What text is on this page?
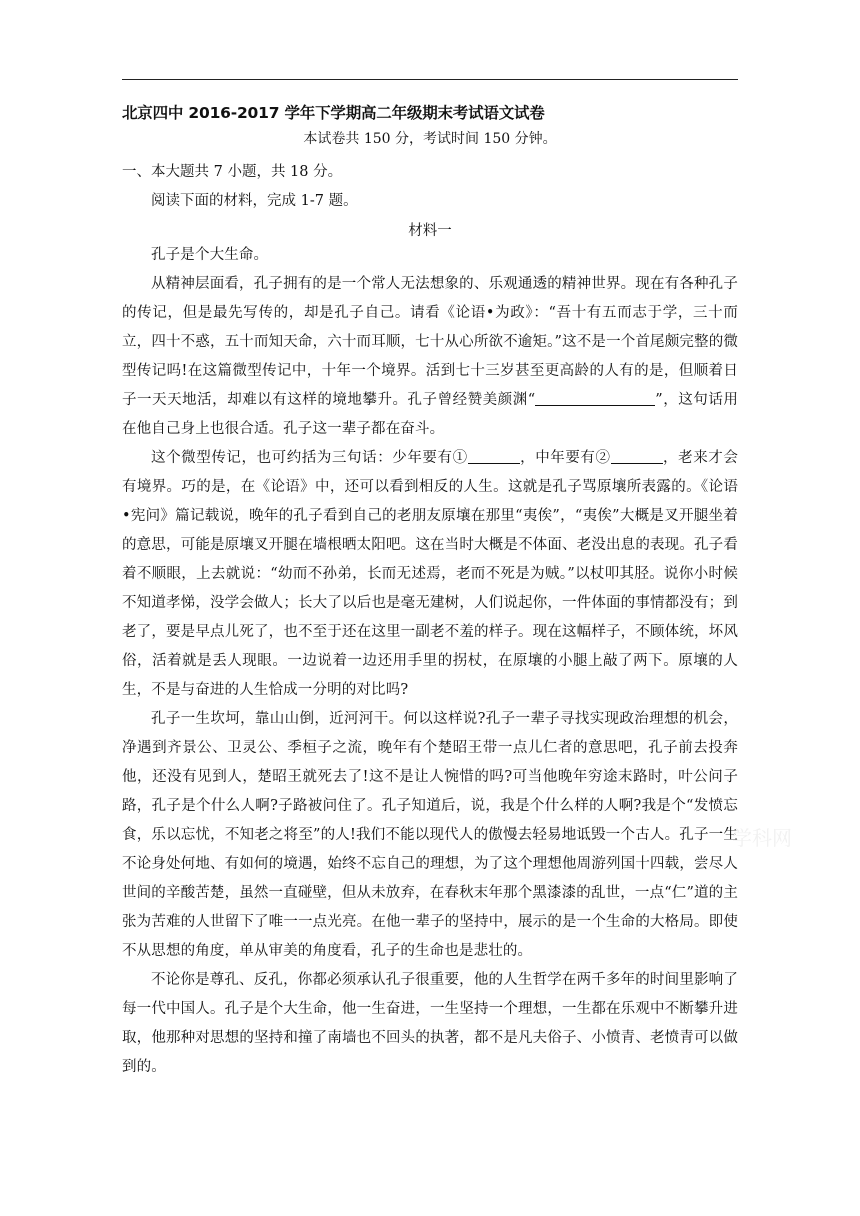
北京四中 2016-2017 学年下学期高二年级期末考试语文试卷
本试卷共 150 分，考试时间 150 分钟。
一、本大题共 7 小题，共 18 分。
阅读下面的材料，完成 1-7 题。
材料一

孔子是个大生命。

从精神层面看，孔子拥有的是一个常人无法想象的、乐观通透的精神世界。现在有各种孔子的传记，但是最先写传的，却是孔子自己。请看《论语•为政》：“吾十有五而志于学，三十而立，四十不惑，五十而知天命，六十而耳顺，七十从心所欲不逾矩。”这不是一个首尾颇完整的微型传记吗!在这篇微型传记中，十年一个境界。活到七十三岁甚至更高龄的人有的是，但顺着日子一天天地活，却难以有这样的境地攀升。孔子曾经赞美颜渊“	”，这句话用在他自己身上也很合适。孔子这一辈子都在奋斗。

这个微型传记，也可约括为三句话：少年要有①	，中年要有②	，老来才会有境界。巧的是，在《论语》中，还可以看到相反的人生。这就是孔子骂原壤所表露的。《论语•宪问》篇记载说，晚年的孔子看到自己的老朋友原壤在那里“夷俟”，“夷俟”大概是叉开腿坐着的意思，可能是原壤叉开腿在墙根晒太阳吧。这在当时大概是不体面、老没出息的表现。孔子看着不顺眼，上去就说：“幼而不孙弟，长而无述焉，老而不死是为贼。”以杖叩其胫。说你小时候不知道孝悌，没学会做人；长大了以后也是毫无建树，人们说起你，一件体面的事情都没有；到老了，要是早点儿死了，也不至于还在这里一副老不羞的样子。现在这幅样子，不顾体统，坏风俗，活着就是丢人现眼。一边说着一边还用手里的拐杖，在原壤的小腿上敲了两下。原壤的人生，不是与奋进的人生恰成一分明的对比吗?

孔子一生坎坷，靠山山倒，近河河干。何以这样说?孔子一辈子寻找实现政治理想的机会，净遇到齐景公、卫灵公、季桓子之流，晚年有个楚昭王带一点儿仁者的意思吧，孔子前去投奔他，还没有见到人，楚昭王就死去了!这不是让人惋惜的吗?可当他晚年穷途末路时，叶公问子路，孔子是个什么人啊?子路被问住了。孔子知道后，说，我是个什么样的人啊?我是个“发愤忘食，乐以忘忧，不知老之将至”的人!我们不能以现代人的傲慢去轻易地诋毁一个古人。孔子一生不论身处何地、有如何的境遇，始终不忘自己的理想，为了这个理想他周游列国十四载，尝尽人世间的辛酸苦楚，虽然一直碰壁，但从未放弃，在春秋末年那个黑漆漆的乱世，一点“仁”道的主张为苦难的人世留下了唯一一点光亮。在他一辈子的坚持中，展示的是一个生命的大格局。即使不从思想的角度，单从审美的角度看，孔子的生命也是悲壮的。

不论你是尊孔、反孔，你都必须承认孔子很重要，他的人生哲学在两千多年的时间里影响了每一代中国人。孔子是个大生命，他一生奋进，一生坚持一个理想，一生都在乐观中不断攀升进取，他那种对思想的坚持和撞了南墙也不回头的执著，都不是凡夫俗子、小愤青、老愤青可以做到的。

学科网
